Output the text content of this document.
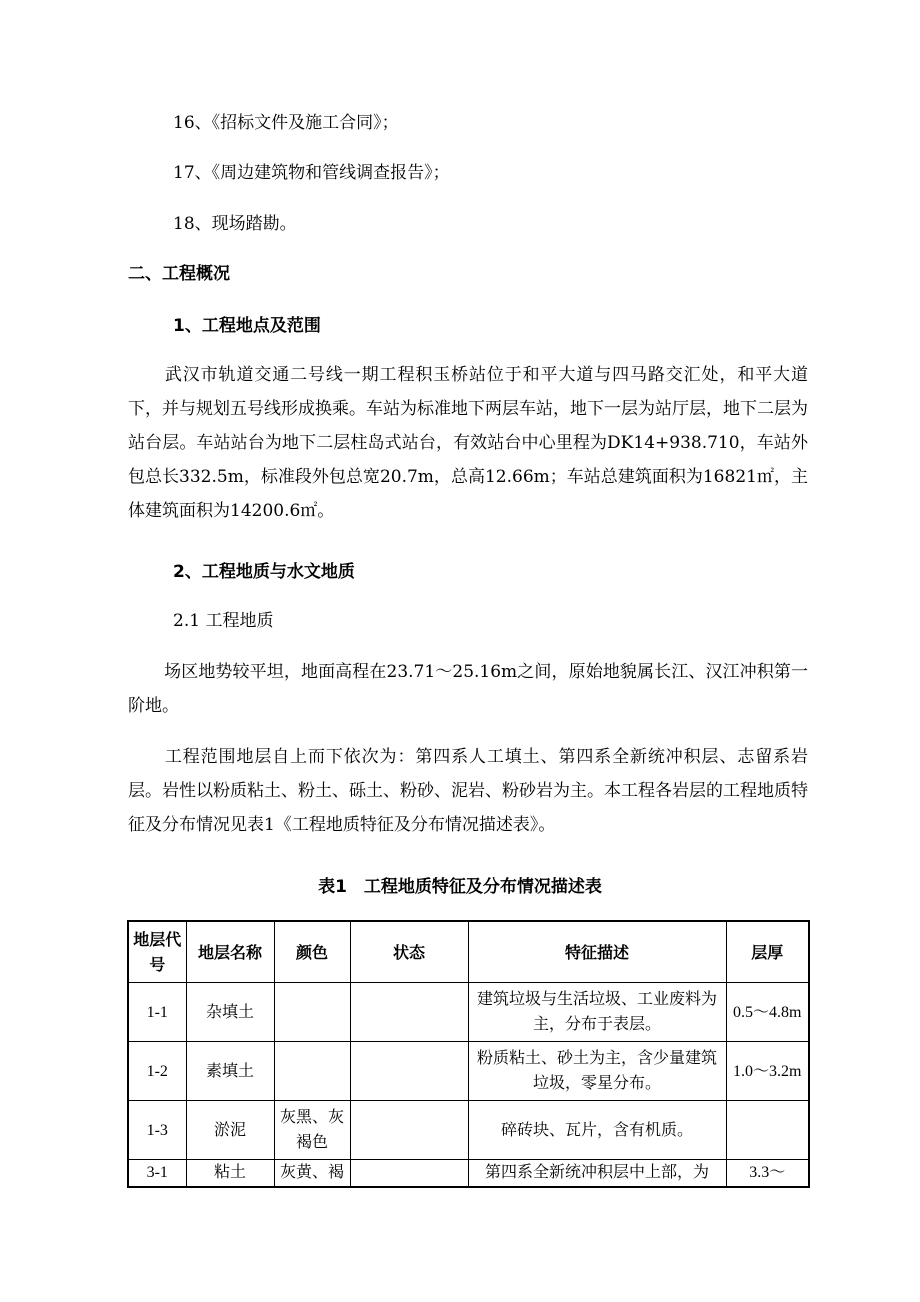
16、《招标文件及施工合同》；
17、《周边建筑物和管线调查报告》；
18、现场踏勘。
二、工程概况
1、工程地点及范围
武汉市轨道交通二号线一期工程积玉桥站位于和平大道与四马路交汇处，和平大道下，并与规划五号线形成换乘。车站为标准地下两层车站，地下一层为站厅层，地下二层为站台层。车站站台为地下二层柱岛式站台，有效站台中心里程为DK14+938.710，车站外包总长332.5m，标准段外包总宽20.7m，总高12.66m；车站总建筑面积为16821㎡，主体建筑面积为14200.6㎡。
2、工程地质与水文地质
2.1 工程地质
场区地势较平坦，地面高程在23.71～25.16m之间，原始地貌属长江、汉江冲积第一阶地。
工程范围地层自上而下依次为：第四系人工填土、第四系全新统冲积层、志留系岩层。岩性以粉质粘土、粉土、砾土、粉砂、泥岩、粉砂岩为主。本工程各岩层的工程地质特征及分布情况见表1《工程地质特征及分布情况描述表》。
表1　工程地质特征及分布情况描述表
地层代号	地层名称	颜色	状态	特征描述	层厚
1-1	杂填土			建筑垃圾与生活垃圾、工业废料为主，分布于表层。	0.5～4.8m
1-2	素填土			粉质粘土、砂土为主，含少量建筑垃圾，零星分布。	1.0～3.2m
1-3	淤泥	灰黑、灰褐色		碎砖块、瓦片，含有机质。	
3-1	粘土	灰黄、褐		第四系全新统冲积层中上部，为	3.3～
